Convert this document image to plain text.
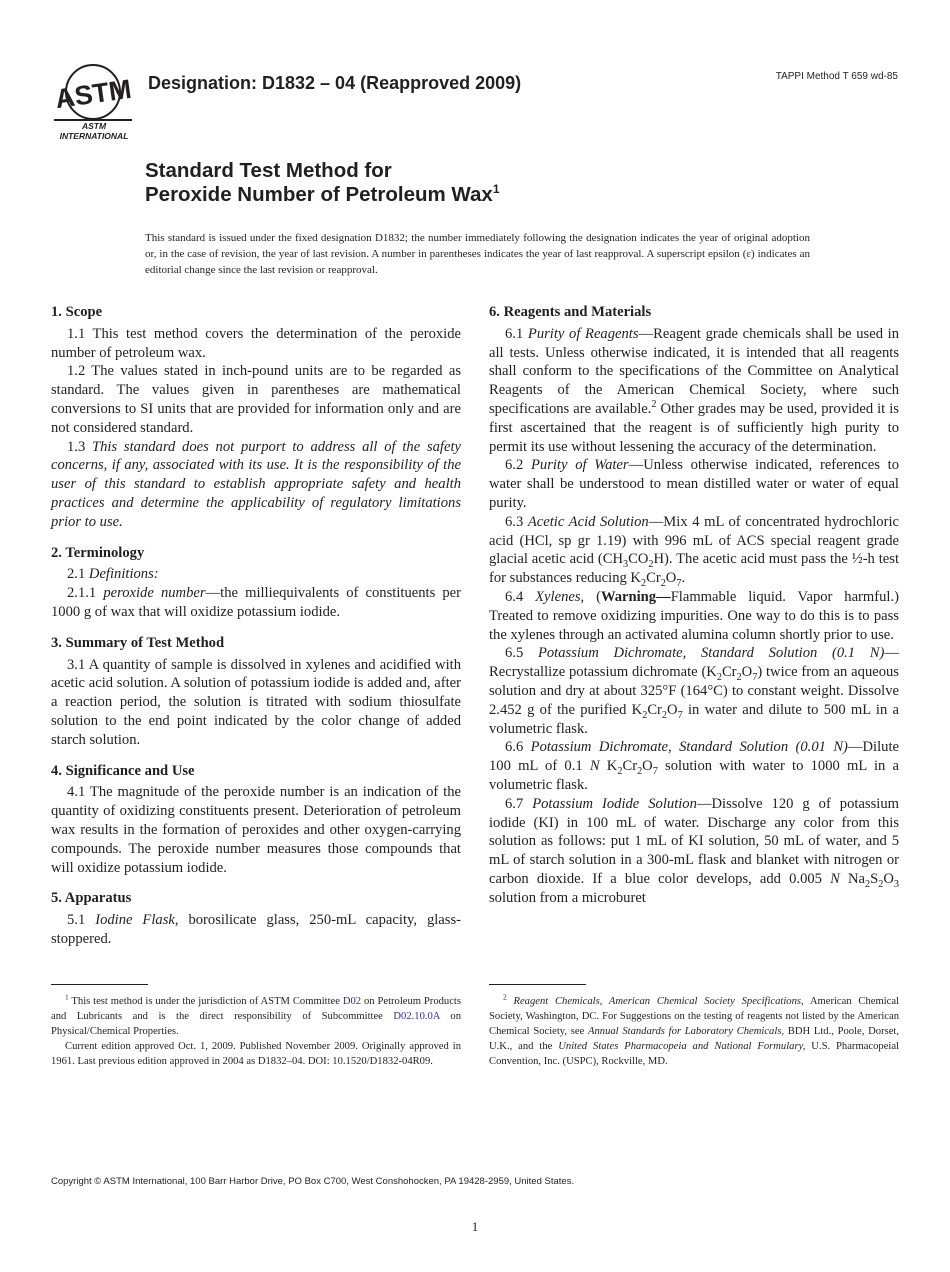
ASTM
ASTM INTERNATIONAL
Designation: D1832 – 04 (Reapproved 2009)	TAPPI Method T 659 wd-85
Standard Test Method for
Peroxide Number of Petroleum Wax$^1$
This standard is issued under the fixed designation D1832; the number immediately following the designation indicates the year of original adoption or, in the case of revision, the year of last revision. A number in parentheses indicates the year of last reapproval. A superscript epsilon (ε) indicates an editorial change since the last revision or reapproval.
1. Scope

1.1 This test method covers the determination of the peroxide number of petroleum wax.

1.2 The values stated in inch-pound units are to be regarded as standard. The values given in parentheses are mathematical conversions to SI units that are provided for information only and are not considered standard.

1.3 This standard does not purport to address all of the safety concerns, if any, associated with its use. It is the responsibility of the user of this standard to establish appropriate safety and health practices and determine the applicability of regulatory limitations prior to use.

2. Terminology

2.1 Definitions:

2.1.1 peroxide number—the milliequivalents of constituents per 1000 g of wax that will oxidize potassium iodide.

3. Summary of Test Method

3.1 A quantity of sample is dissolved in xylenes and acidified with acetic acid solution. A solution of potassium iodide is added and, after a reaction period, the solution is titrated with sodium thiosulfate solution to the end point indicated by the color change of added starch solution.

4. Significance and Use

4.1 The magnitude of the peroxide number is an indication of the quantity of oxidizing constituents present. Deterioration of petroleum wax results in the formation of peroxides and other oxygen-carrying compounds. The peroxide number measures those compounds that will oxidize potassium iodide.

5. Apparatus

5.1 Iodine Flask, borosilicate glass, 250-mL capacity, glass-stoppered.

6. Reagents and Materials

6.1 Purity of Reagents—Reagent grade chemicals shall be used in all tests. Unless otherwise indicated, it is intended that all reagents shall conform to the specifications of the Committee on Analytical Reagents of the American Chemical Society, where such specifications are available.$^2$ Other grades may be used, provided it is first ascertained that the reagent is of sufficiently high purity to permit its use without lessening the accuracy of the determination.

6.2 Purity of Water—Unless otherwise indicated, references to water shall be understood to mean distilled water or water of equal purity.

6.3 Acetic Acid Solution—Mix 4 mL of concentrated hydrochloric acid (HCl, sp gr 1.19) with 996 mL of ACS special reagent grade glacial acetic acid $(CH_3CO_2H)$. The acetic acid must pass the ½-h test for substances reducing $K_2Cr_2O_7$.

6.4 Xylenes, (Warning—Flammable liquid. Vapor harmful.) Treated to remove oxidizing impurities. One way to do this is to pass the xylenes through an activated alumina column shortly prior to use.

6.5 Potassium Dichromate, Standard Solution (0.1 N)—Recrystallize potassium dichromate $(K_2Cr_2O_7)$ twice from an aqueous solution and dry at about 325°F (164°C) to constant weight. Dissolve 2.452 g of the purified $K_2Cr_2O_7$ in water and dilute to 500 mL in a volumetric flask.

6.6 Potassium Dichromate, Standard Solution (0.01 N)—Dilute 100 mL of 0.1 N $K_2Cr_2O_7$ solution with water to 1000 mL in a volumetric flask.

6.7 Potassium Iodide Solution—Dissolve 120 g of potassium iodide (KI) in 100 mL of water. Discharge any color from this solution as follows: put 1 mL of KI solution, 50 mL of water, and 5 mL of starch solution in a 300-mL flask and blanket with nitrogen or carbon dioxide. If a blue color develops, add 0.005 N $Na_2S_2O_3$ solution from a microburet

$^1$ This test method is under the jurisdiction of ASTM Committee D02 on Petroleum Products and Lubricants and is the direct responsibility of Subcommittee D02.10.0A on Physical/Chemical Properties.

Current edition approved Oct. 1, 2009. Published November 2009. Originally approved in 1961. Last previous edition approved in 2004 as D1832–04. DOI: 10.1520/D1832-04R09.

$^2$ Reagent Chemicals, American Chemical Society Specifications, American Chemical Society, Washington, DC. For Suggestions on the testing of reagents not listed by the American Chemical Society, see Annual Standards for Laboratory Chemicals, BDH Ltd., Poole, Dorset, U.K., and the United States Pharmacopeia and National Formulary, U.S. Pharmacopeial Convention, Inc. (USPC), Rockville, MD.

Copyright © ASTM International, 100 Barr Harbor Drive, PO Box C700, West Conshohocken, PA 19428-2959, United States.
1
